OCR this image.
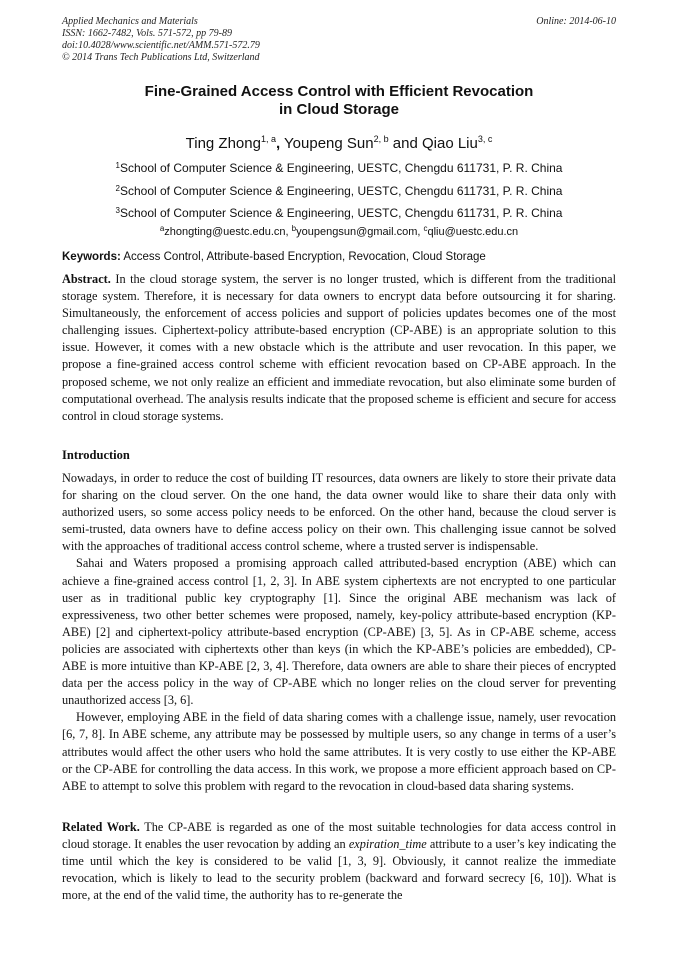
Applied Mechanics and Materials
ISSN: 1662-7482, Vols. 571-572, pp 79-89
doi:10.4028/www.scientific.net/AMM.571-572.79
© 2014 Trans Tech Publications Ltd, Switzerland
Online: 2014-06-10
Fine-Grained Access Control with Efficient Revocation
in Cloud Storage
Ting Zhong$^{1, a}$, Youpeng Sun$^{2, b}$ and Qiao Liu$^{3, c}$
$^1$School of Computer Science & Engineering, UESTC, Chengdu 611731, P. R. China
$^2$School of Computer Science & Engineering, UESTC, Chengdu 611731, P. R. China
$^3$School of Computer Science & Engineering, UESTC, Chengdu 611731, P. R. China
$^a$zhongting@uestc.edu.cn, $^b$youpengsun@gmail.com, $^c$qliu@uestc.edu.cn
Keywords: Access Control, Attribute-based Encryption, Revocation, Cloud Storage

Abstract. In the cloud storage system, the server is no longer trusted, which is different from the traditional storage system. Therefore, it is necessary for data owners to encrypt data before outsourcing it for sharing. Simultaneously, the enforcement of access policies and support of policies updates becomes one of the most challenging issues. Ciphertext-policy attribute-based encryption (CP-ABE) is an appropriate solution to this issue. However, it comes with a new obstacle which is the attribute and user revocation. In this paper, we propose a fine-grained access control scheme with efficient revocation based on CP-ABE approach. In the proposed scheme, we not only realize an efficient and immediate revocation, but also eliminate some burden of computational overhead. The analysis results indicate that the proposed scheme is efficient and secure for access control in cloud storage systems.

Introduction

Nowadays, in order to reduce the cost of building IT resources, data owners are likely to store their private data for sharing on the cloud server. On the one hand, the data owner would like to share their data only with authorized users, so some access policy needs to be enforced. On the other hand, because the cloud server is semi-trusted, data owners have to define access policy on their own. This challenging issue cannot be solved with the approaches of traditional access control scheme, where a trusted server is indispensable.

Sahai and Waters proposed a promising approach called attributed-based encryption (ABE) which can achieve a fine-grained access control [1, 2, 3]. In ABE system ciphertexts are not encrypted to one particular user as in traditional public key cryptography [1]. Since the original ABE mechanism was lack of expressiveness, two other better schemes were proposed, namely, key-policy attribute-based encryption (KP-ABE) [2] and ciphertext-policy attribute-based encryption (CP-ABE) [3, 5]. As in CP-ABE scheme, access policies are associated with ciphertexts other than keys (in which the KP-ABE’s policies are embedded), CP-ABE is more intuitive than KP-ABE [2, 3, 4]. Therefore, data owners are able to share their pieces of encrypted data per the access policy in the way of CP-ABE which no longer relies on the cloud server for preventing unauthorized access [3, 6].

However, employing ABE in the field of data sharing comes with a challenge issue, namely, user revocation [6, 7, 8]. In ABE scheme, any attribute may be possessed by multiple users, so any change in terms of a user’s attributes would affect the other users who hold the same attributes. It is very costly to use either the KP-ABE or the CP-ABE for controlling the data access. In this work, we propose a more efficient approach based on CP-ABE to attempt to solve this problem with regard to the revocation in cloud-based data sharing systems.

Related Work. The CP-ABE is regarded as one of the most suitable technologies for data access control in cloud storage. It enables the user revocation by adding an expiration_time attribute to a user’s key indicating the time until which the key is considered to be valid [1, 3, 9]. Obviously, it cannot realize the immediate revocation, which is likely to lead to the security problem (backward and forward secrecy [6, 10]). What is more, at the end of the valid time, the authority has to re-generate the
